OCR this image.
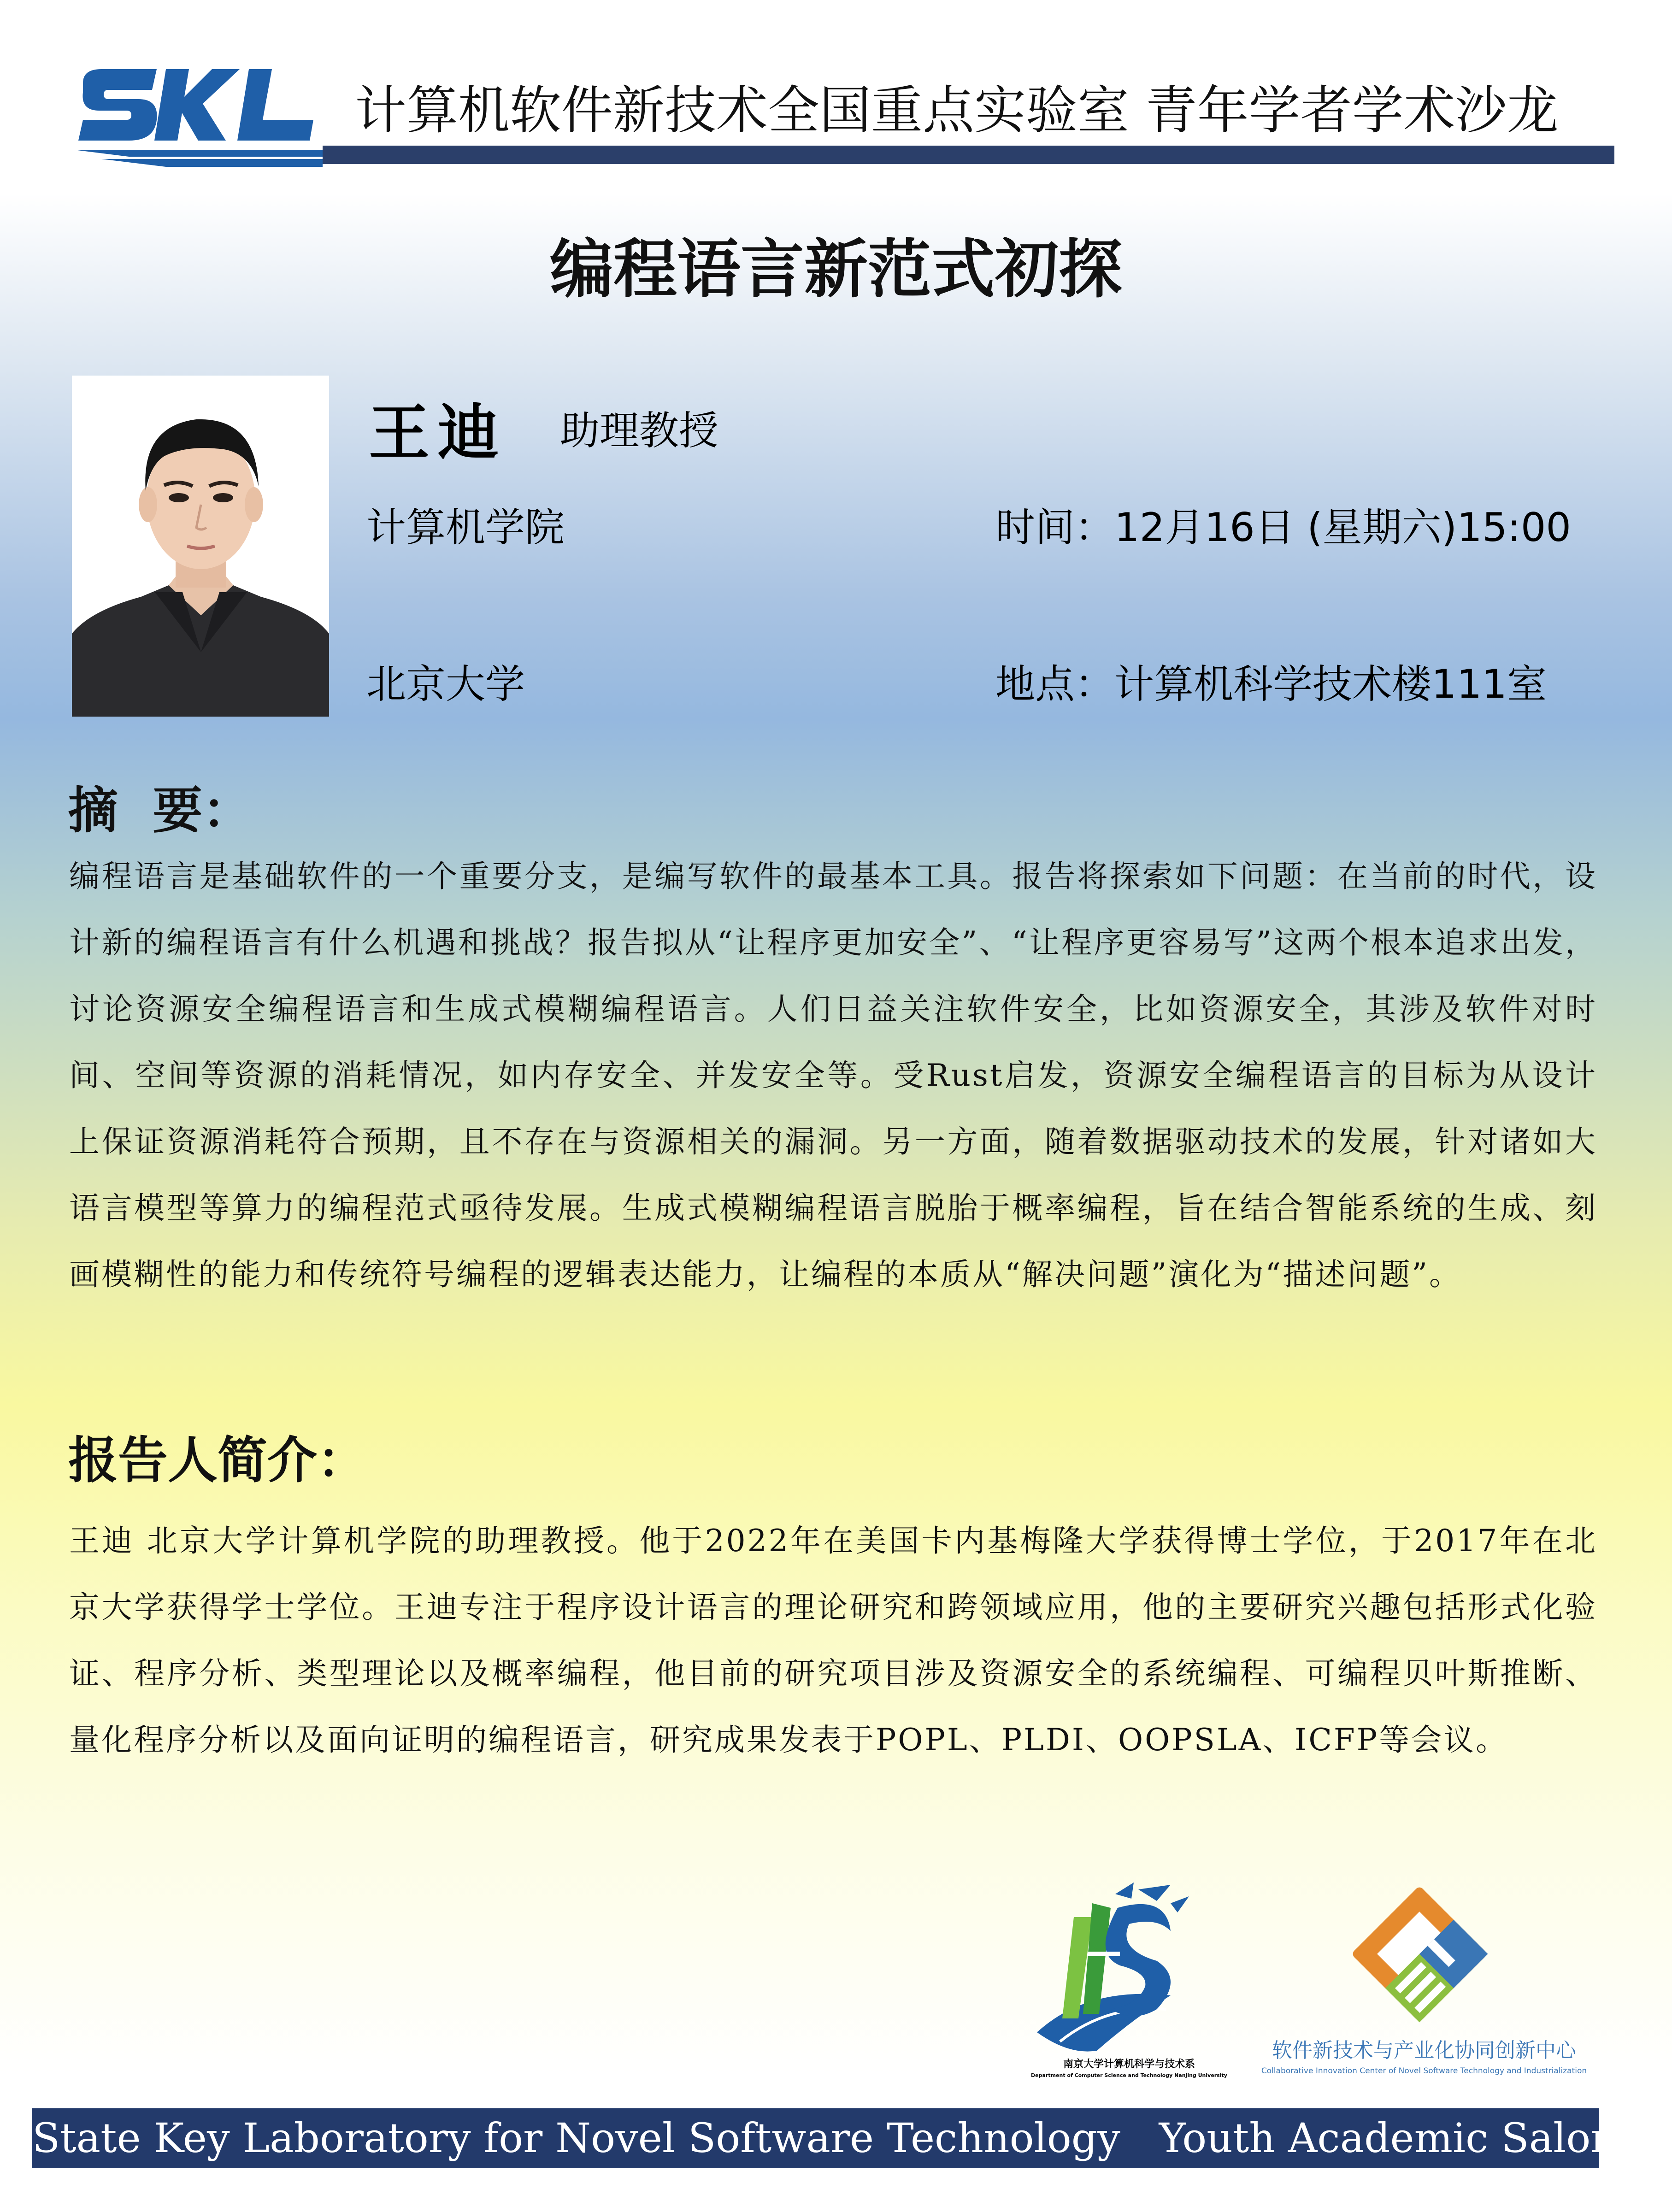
计算机软件新技术全国重点实验室 青年学者学术沙龙
编程语言新范式初探
王迪 助理教授
计算机学院
北京大学
时间：12月16日 (星期六)15:00
地点：计算机科学技术楼111室
摘  要：
编程语言是基础软件的一个重要分支，是编写软件的最基本工具。报告将探索如下问题：在当前的时代，设计新的编程语言有什么机遇和挑战？报告拟从“让程序更加安全”、“让程序更容易写”这两个根本追求出发，讨论资源安全编程语言和生成式模糊编程语言。人们日益关注软件安全，比如资源安全，其涉及软件对时间、空间等资源的消耗情况，如内存安全、并发安全等。受Rust启发，资源安全编程语言的目标为从设计上保证资源消耗符合预期，且不存在与资源相关的漏洞。另一方面，随着数据驱动技术的发展，针对诸如大语言模型等算力的编程范式亟待发展。生成式模糊编程语言脱胎于概率编程，旨在结合智能系统的生成、刻画模糊性的能力和传统符号编程的逻辑表达能力，让编程的本质从“解决问题”演化为“描述问题”。
报告人简介：
王迪 北京大学计算机学院的助理教授。他于2022年在美国卡内基梅隆大学获得博士学位，于2017年在北京大学获得学士学位。王迪专注于程序设计语言的理论研究和跨领域应用，他的主要研究兴趣包括形式化验证、程序分析、类型理论以及概率编程，他目前的研究项目涉及资源安全的系统编程、可编程贝叶斯推断、量化程序分析以及面向证明的编程语言，研究成果发表于POPL、PLDI、OOPSLA、ICFP等会议。
南京大学计算机科学与技术系
Department of Computer Science and Technology Nanjing University
软件新技术与产业化协同创新中心
Collaborative Innovation Center of Novel Software Technology and Industrialization
State Key Laboratory for Novel Software Technology   Youth Academic Salon
